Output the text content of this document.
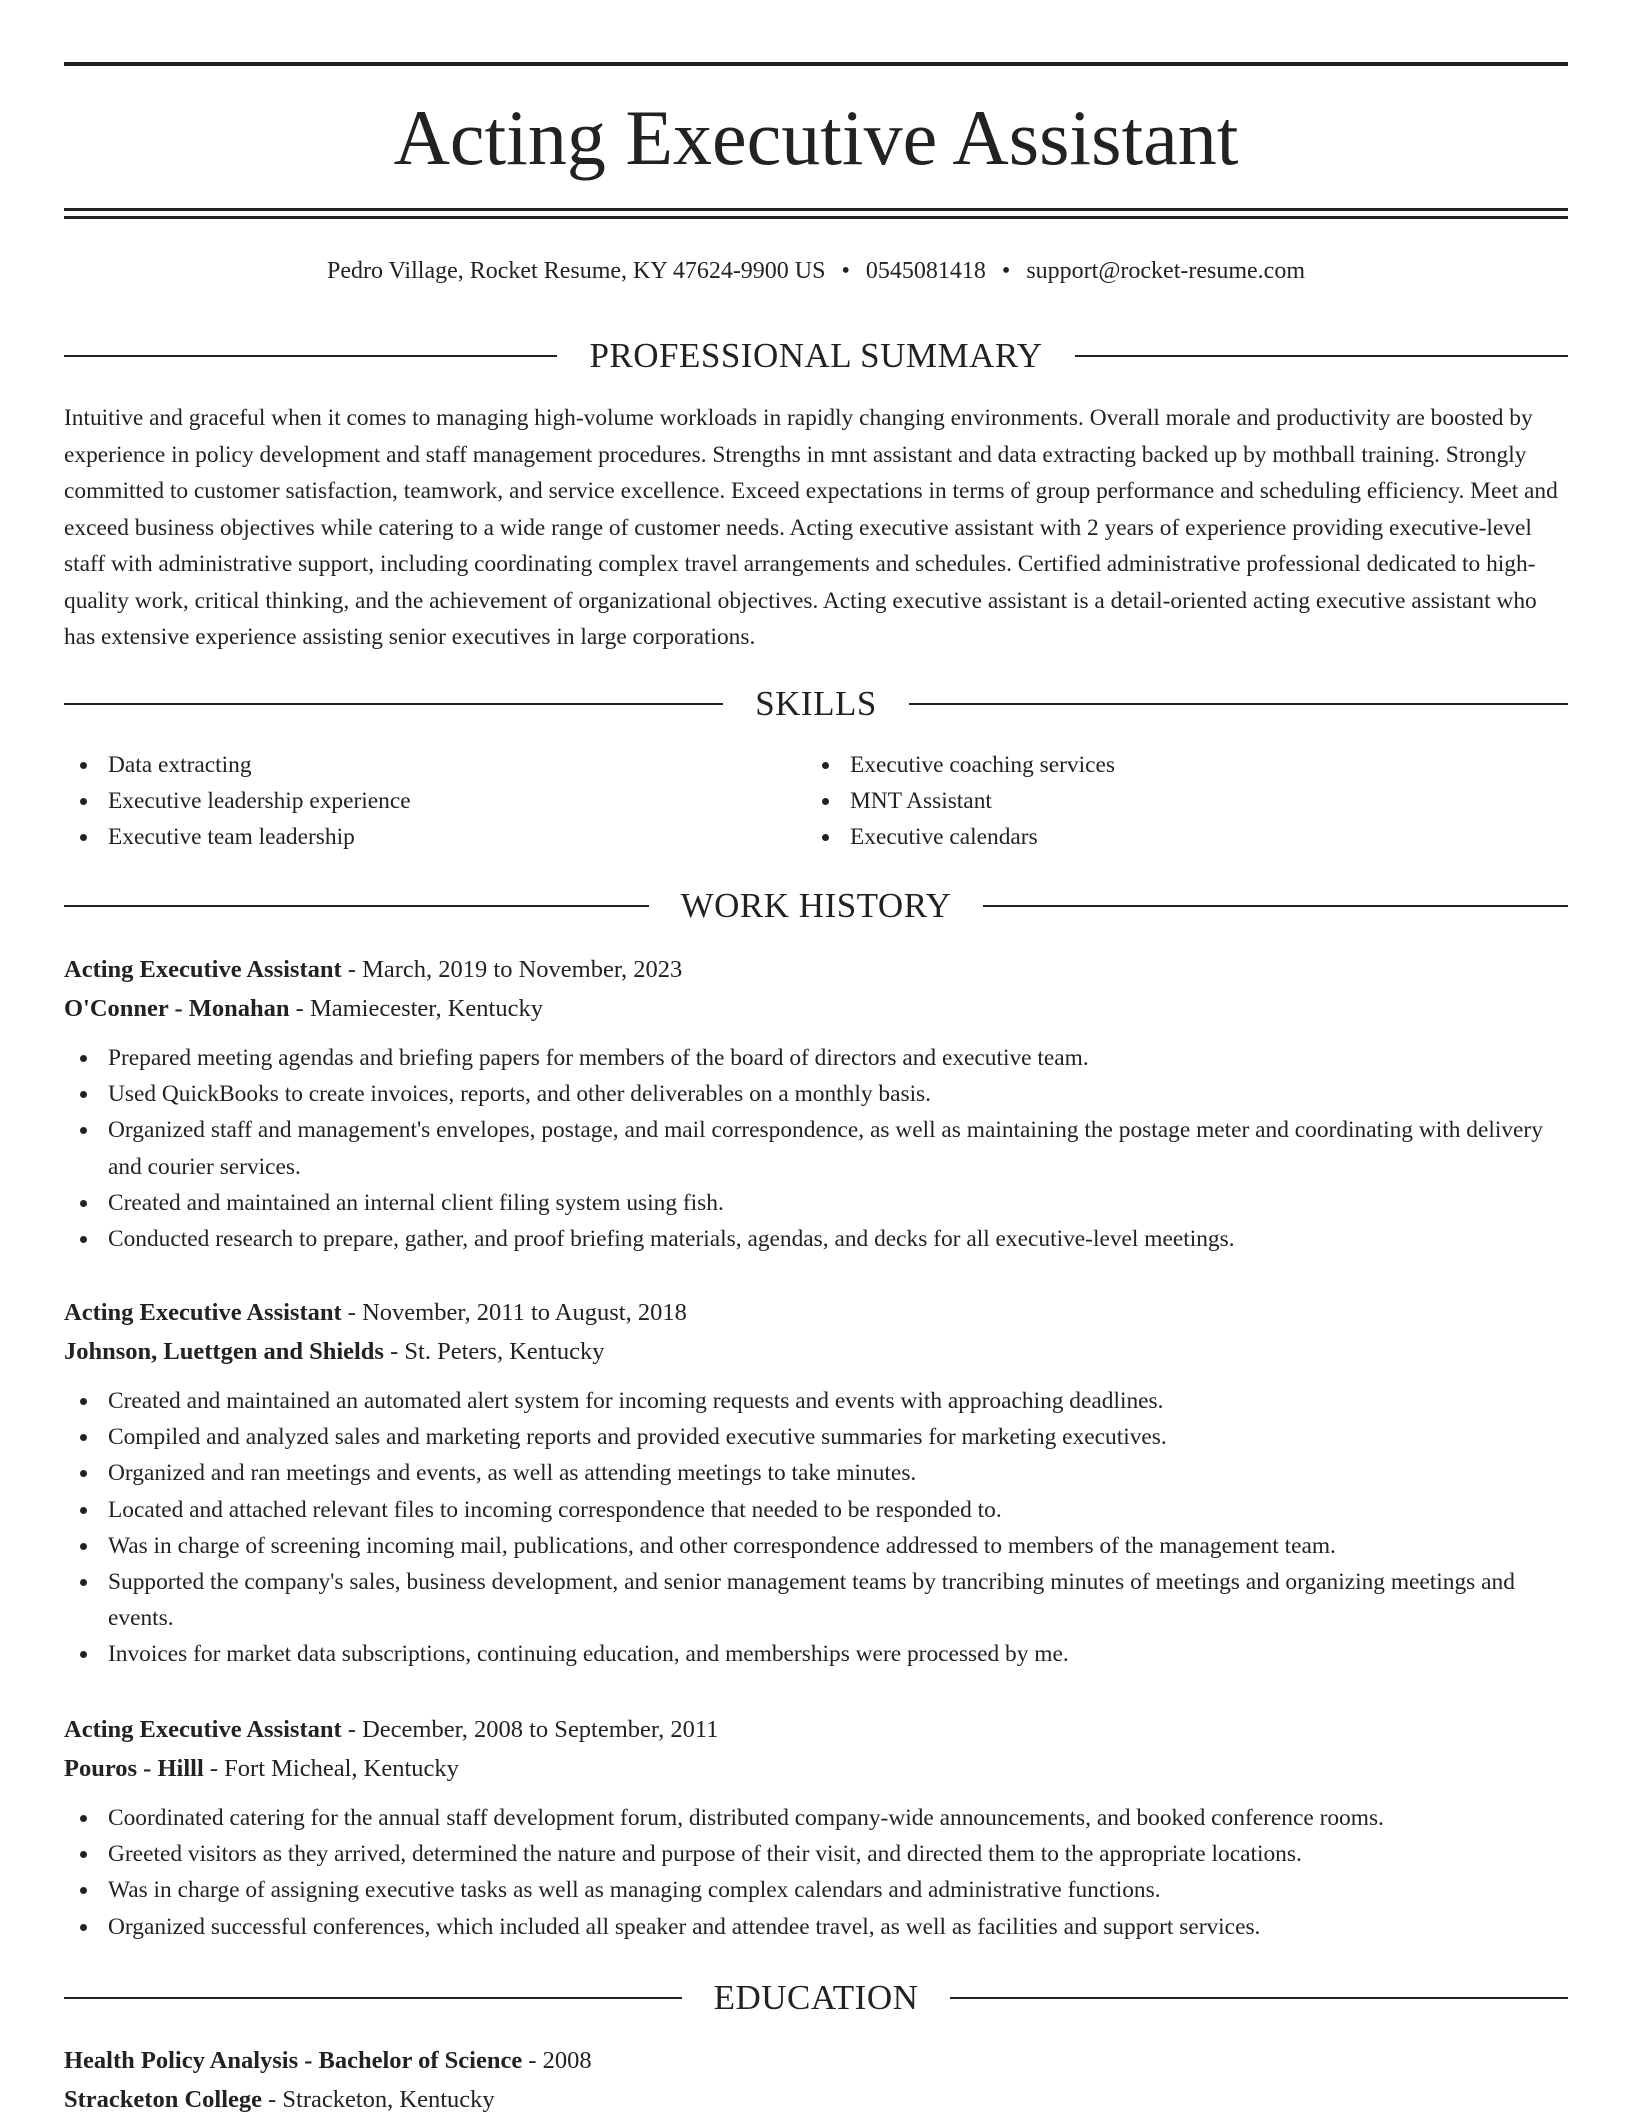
Acting Executive Assistant
Pedro Village, Rocket Resume, KY 47624-9900 US • 0545081418 • support@rocket-resume.com
PROFESSIONAL SUMMARY

Intuitive and graceful when it comes to managing high-volume workloads in rapidly changing environments. Overall morale and productivity are boosted by experience in policy development and staff management procedures. Strengths in mnt assistant and data extracting backed up by mothball training. Strongly committed to customer satisfaction, teamwork, and service excellence. Exceed expectations in terms of group performance and scheduling efficiency. Meet and exceed business objectives while catering to a wide range of customer needs. Acting executive assistant with 2 years of experience providing executive-level staff with administrative support, including coordinating complex travel arrangements and schedules. Certified administrative professional dedicated to high-quality work, critical thinking, and the achievement of organizational objectives. Acting executive assistant is a detail-oriented acting executive assistant who has extensive experience assisting senior executives in large corporations.

SKILLS
Data extracting
Executive leadership experience
Executive team leadership
Executive coaching services
MNT Assistant
Executive calendars
WORK HISTORY
Acting Executive Assistant - March, 2019 to November, 2023
O'Conner - Monahan - Mamiecester, Kentucky
Prepared meeting agendas and briefing papers for members of the board of directors and executive team.
Used QuickBooks to create invoices, reports, and other deliverables on a monthly basis.
Organized staff and management's envelopes, postage, and mail correspondence, as well as maintaining the postage meter and coordinating with delivery and courier services.
Created and maintained an internal client filing system using fish.
Conducted research to prepare, gather, and proof briefing materials, agendas, and decks for all executive-level meetings.
Acting Executive Assistant - November, 2011 to August, 2018
Johnson, Luettgen and Shields - St. Peters, Kentucky
Created and maintained an automated alert system for incoming requests and events with approaching deadlines.
Compiled and analyzed sales and marketing reports and provided executive summaries for marketing executives.
Organized and ran meetings and events, as well as attending meetings to take minutes.
Located and attached relevant files to incoming correspondence that needed to be responded to.
Was in charge of screening incoming mail, publications, and other correspondence addressed to members of the management team.
Supported the company's sales, business development, and senior management teams by trancribing minutes of meetings and organizing meetings and events.
Invoices for market data subscriptions, continuing education, and memberships were processed by me.
Acting Executive Assistant - December, 2008 to September, 2011
Pouros - Hilll - Fort Micheal, Kentucky
Coordinated catering for the annual staff development forum, distributed company-wide announcements, and booked conference rooms.
Greeted visitors as they arrived, determined the nature and purpose of their visit, and directed them to the appropriate locations.
Was in charge of assigning executive tasks as well as managing complex calendars and administrative functions.
Organized successful conferences, which included all speaker and attendee travel, as well as facilities and support services.
EDUCATION
Health Policy Analysis - Bachelor of Science - 2008
Stracketon College - Stracketon, Kentucky
